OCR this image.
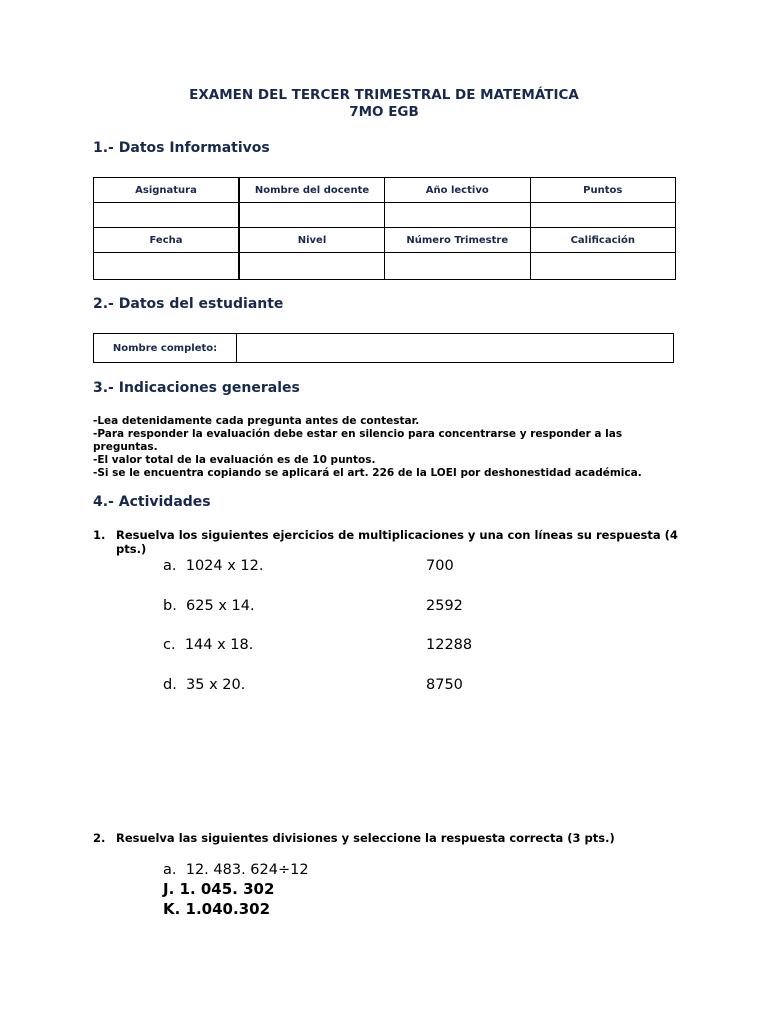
EXAMEN DEL TERCER TRIMESTRAL DE MATEMÁTICA
7MO EGB
1.- Datos Informativos
Asignatura	Nombre del docente	Año lectivo	Puntos

Fecha	Nivel	Número Trimestre	Calificación

2.- Datos del estudiante
Nombre completo:	
3.- Indicaciones generales
-Lea detenidamente cada pregunta antes de contestar.
-Para responder la evaluación debe estar en silencio para concentrarse y responder a las preguntas.
-El valor total de la evaluación es de 10 puntos.
-Si se le encuentra copiando se aplicará el art. 226 de la LOEI por deshonestidad académica.
4.- Actividades
1. Resuelva los siguientes ejercicios de multiplicaciones y una con líneas su respuesta (4 pts.)
a. 1024 x 12.	700
b. 625 x 14.	2592
c. 144 x 18.	12288
d. 35 x 20.	8750
2. Resuelva las siguientes divisiones y seleccione la respuesta correcta (3 pts.)
a. 12. 483. 624÷12
J. 1. 045. 302
K. 1.040.302
